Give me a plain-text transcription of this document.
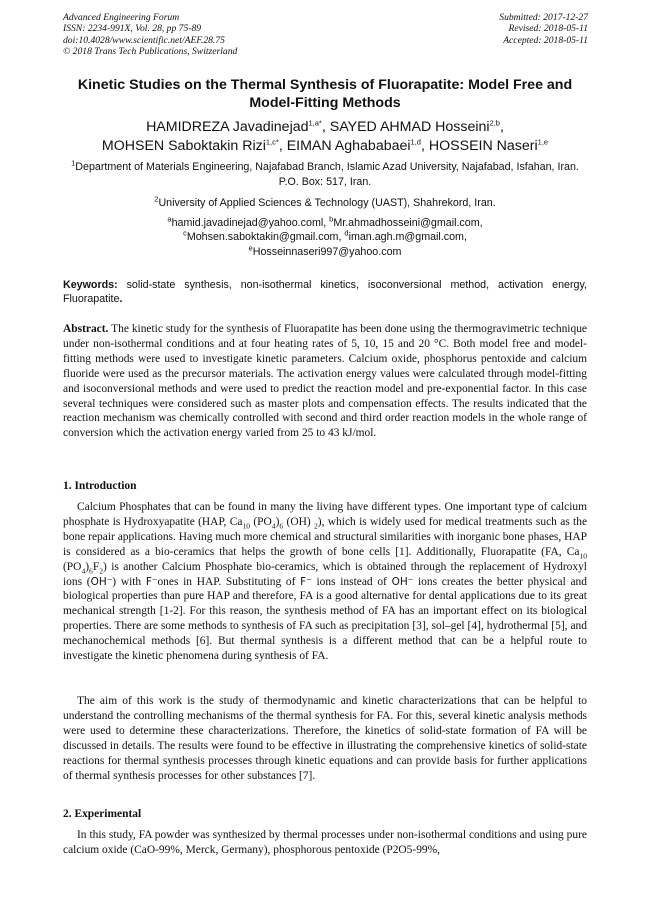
Advanced Engineering Forum
ISSN: 2234-991X, Vol. 28, pp 75-89
doi:10.4028/www.scientific.net/AEF.28.75
© 2018 Trans Tech Publications, Switzerland
Submitted: 2017-12-27
Revised: 2018-05-11
Accepted: 2018-05-11
Kinetic Studies on the Thermal Synthesis of Fluorapatite: Model Free and Model-Fitting Methods
HAMIDREZA Javadinejad$^{1,a*}$, SAYED AHMAD Hosseini$^{2,b}$,
MOHSEN Saboktakin Rizi$^{1,c*}$, EIMAN Aghababaei$^{1,d}$, HOSSEIN Naseri$^{1,e}$
$^1$Department of Materials Engineering, Najafabad Branch, Islamic Azad University, Najafabad, Isfahan, Iran. P.O. Box: 517, Iran.
$^2$University of Applied Sciences & Technology (UAST), Shahrekord, Iran.
$^a$hamid.javadinejad@yahoo.coml, $^b$Mr.ahmadhosseini@gmail.com,
$^c$Mohsen.saboktakin@gmail.com, $^d$iman.agh.m@gmail.com,
$^e$Hosseinnaseri997@yahoo.com
Keywords: solid-state synthesis, non-isothermal kinetics, isoconversional method, activation energy, Fluorapatite.
Abstract. The kinetic study for the synthesis of Fluorapatite has been done using the thermogravimetric technique under non-isothermal conditions and at four heating rates of 5, 10, 15 and 20 °C. Both model free and model-fitting methods were used to investigate kinetic parameters. Calcium oxide, phosphorus pentoxide and calcium fluoride were used as the precursor materials. The activation energy values were calculated through model-fitting and isoconversional methods and were used to predict the reaction model and pre-exponential factor. In this case several techniques were considered such as master plots and compensation effects. The results indicated that the reaction mechanism was chemically controlled with second and third order reaction models in the whole range of conversion which the activation energy varied from 25 to 43 kJ/mol.
1. Introduction
Calcium Phosphates that can be found in many the living have different types. One important type of calcium phosphate is Hydroxyapatite (HAP, $Ca_{10}$ $(PO_4)_6$ (OH) $_2$), which is widely used for medical treatments such as the bone repair applications. Having much more chemical and structural similarities with inorganic bone phases, HAP is considered as a bio-ceramics that helps the growth of bone cells [1]. Additionally, Fluorapatite (FA, $Ca_{10}$ $(PO_4)_6F_2$) is another Calcium Phosphate bio-ceramics, which is obtained through the replacement of Hydroxyl ions (OH⁻) with F⁻ones in HAP. Substituting of F⁻ ions instead of OH⁻ ions creates the better physical and biological properties than pure HAP and therefore, FA is a good alternative for dental applications due to its great mechanical strength [1-2]. For this reason, the synthesis method of FA has an important effect on its biological properties. There are some methods to synthesis of FA such as precipitation [3], sol–gel [4], hydrothermal [5], and mechanochemical methods [6]. But thermal synthesis is a different method that can be a helpful route to investigate the kinetic phenomena during synthesis of FA.
The aim of this work is the study of thermodynamic and kinetic characterizations that can be helpful to understand the controlling mechanisms of the thermal synthesis for FA. For this, several kinetic analysis methods were used to determine these characterizations. Therefore, the kinetics of solid-state formation of FA will be discussed in details. The results were found to be effective in illustrating the comprehensive kinetics of solid-state reactions for thermal synthesis processes through kinetic equations and can provide basis for further applications of thermal synthesis processes for other substances [7].
2. Experimental
In this study, FA powder was synthesized by thermal processes under non-isothermal conditions and using pure calcium oxide (CaO-99%, Merck, Germany), phosphorous pentoxide (P2O5-99%,
